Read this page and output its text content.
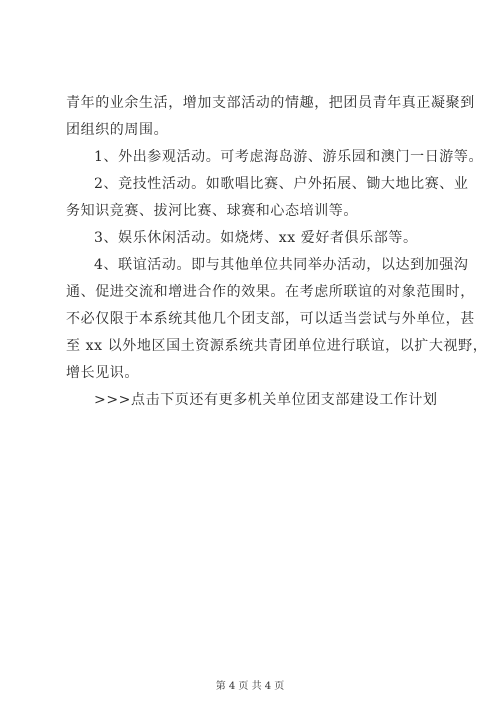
青年的业余生活，增加支部活动的情趣，把团员青年真正凝聚到
团组织的周围。
1、外出参观活动。可考虑海岛游、游乐园和澳门一日游等。
2、竞技性活动。如歌唱比赛、户外拓展、锄大地比赛、业
务知识竞赛、拔河比赛、球赛和心态培训等。
3、娱乐休闲活动。如烧烤、xx 爱好者俱乐部等。
4、联谊活动。即与其他单位共同举办活动，以达到加强沟
通、促进交流和增进合作的效果。在考虑所联谊的对象范围时，
不必仅限于本系统其他几个团支部，可以适当尝试与外单位，甚
至 xx 以外地区国土资源系统共青团单位进行联谊，以扩大视野，
增长见识。
>>>点击下页还有更多机关单位团支部建设工作计划
第 4 页 共 4 页
